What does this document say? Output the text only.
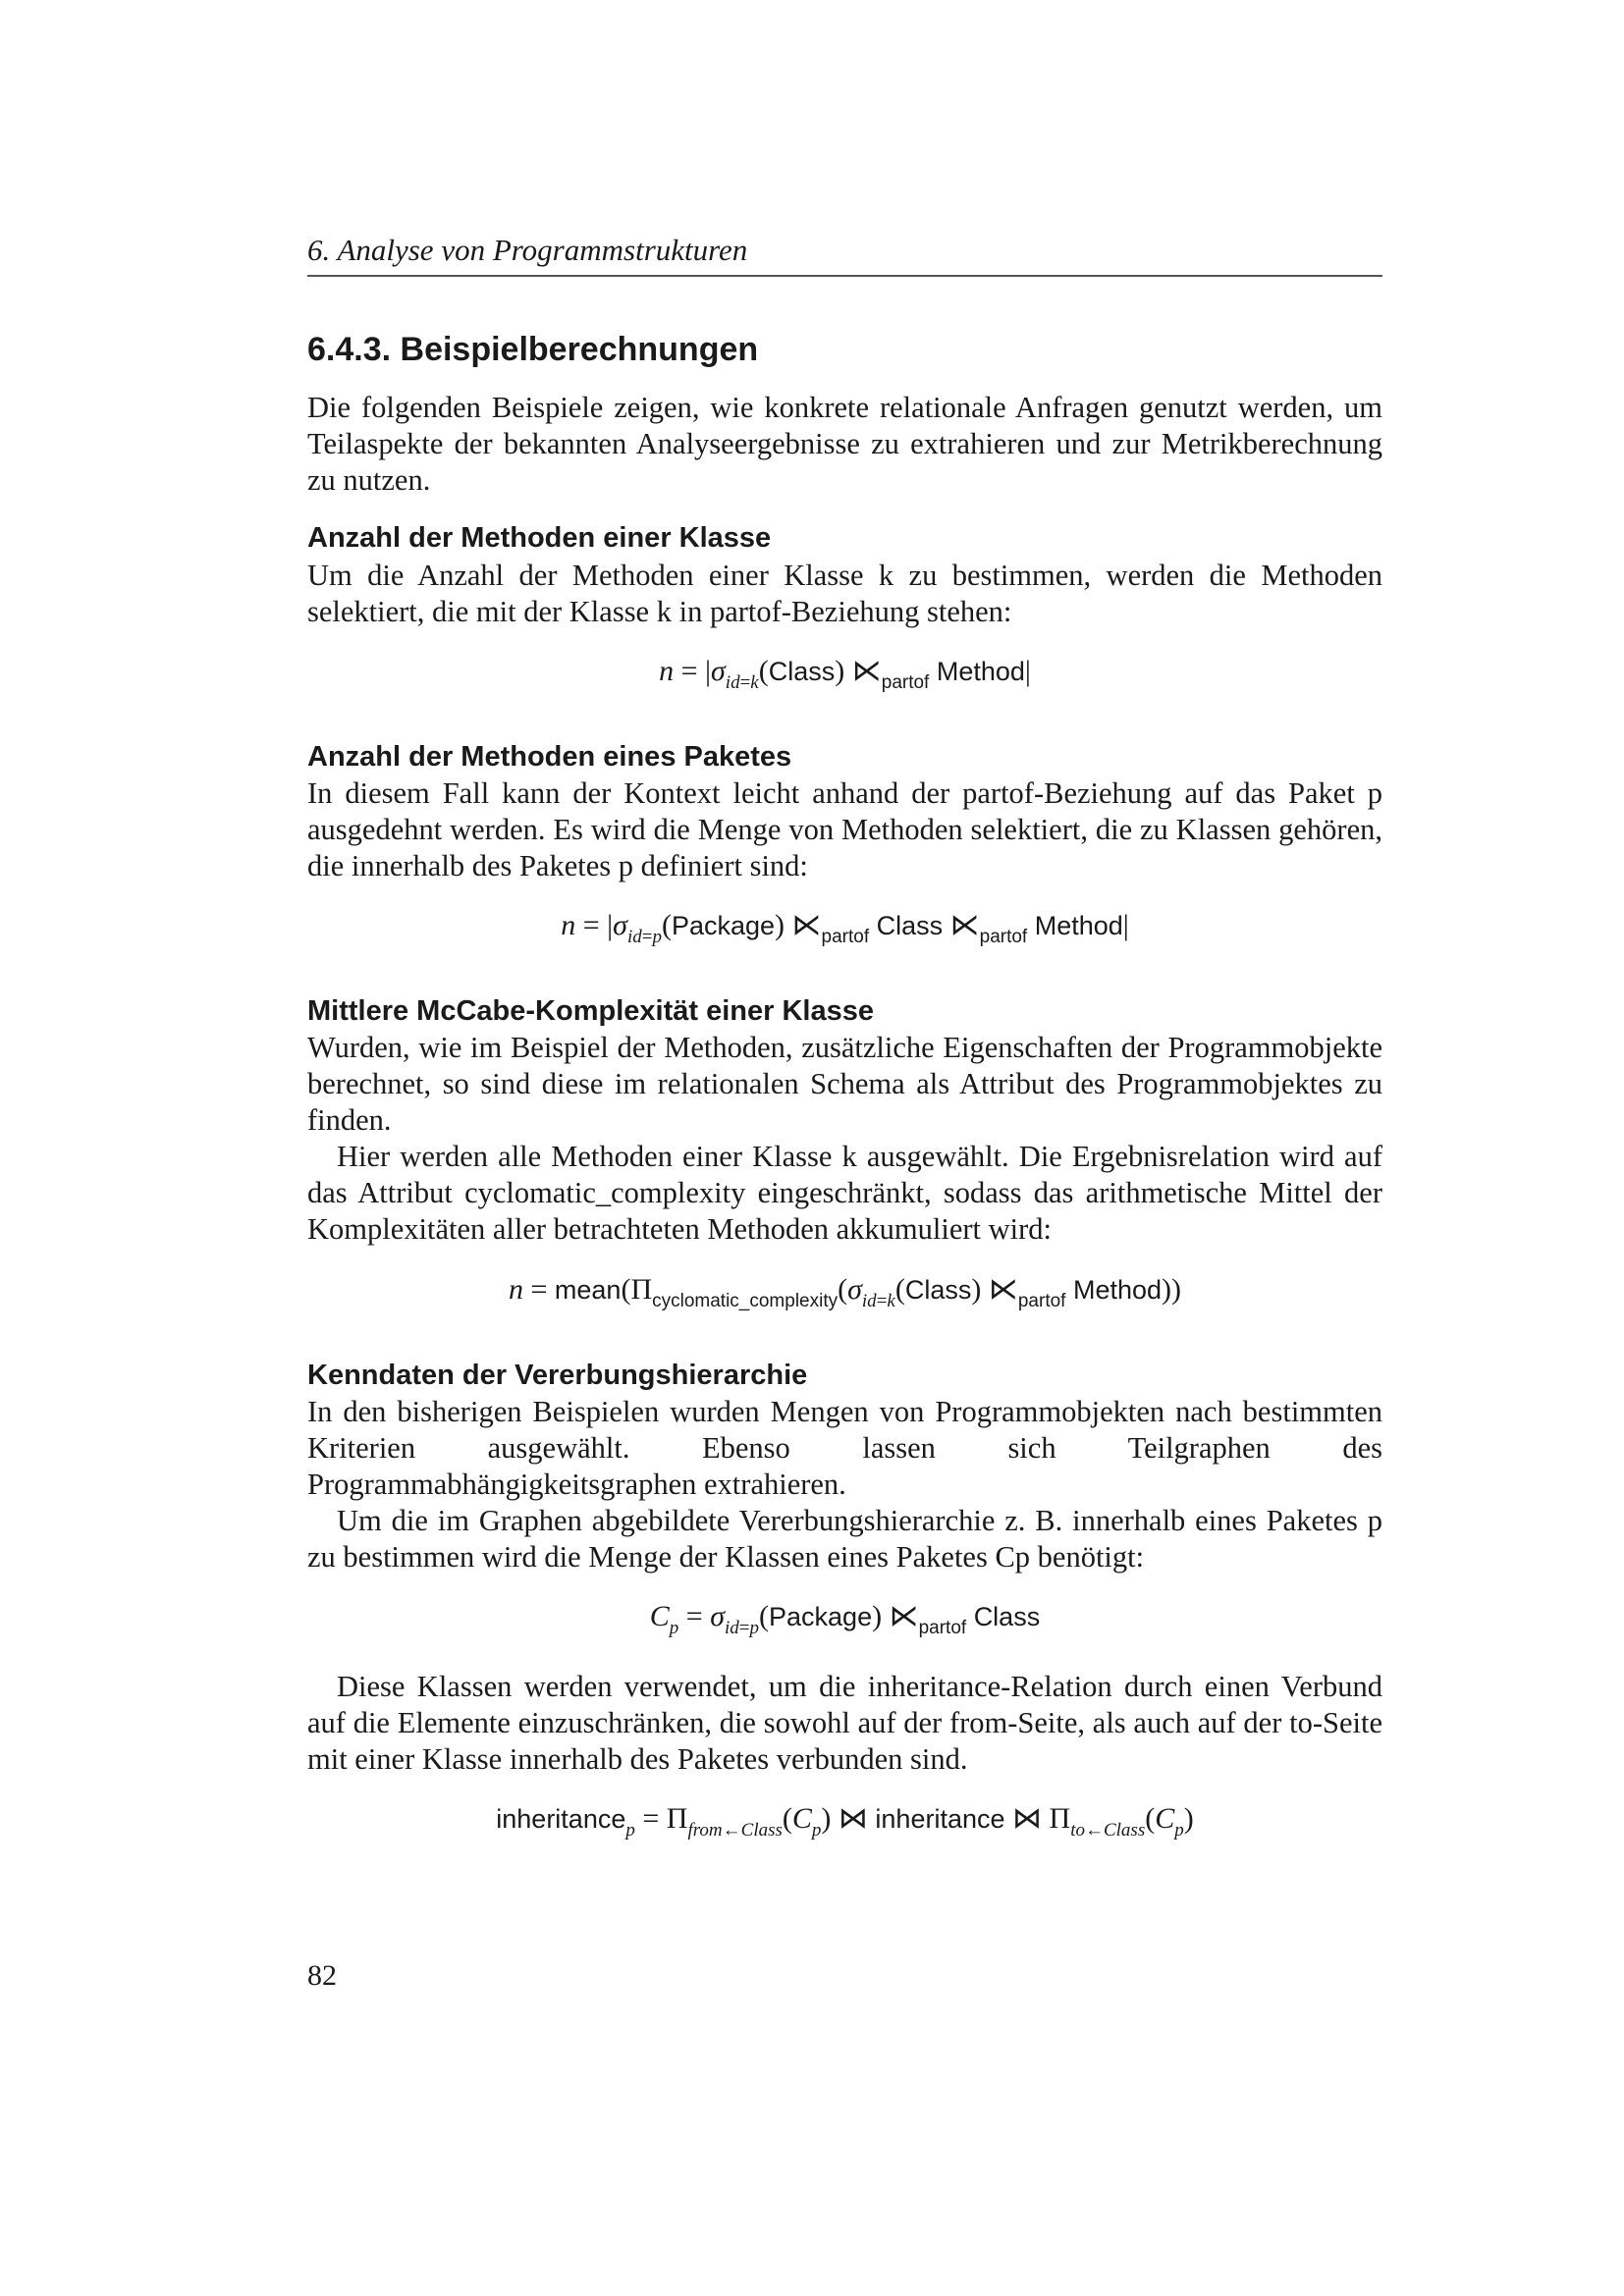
6. Analyse von Programmstrukturen
6.4.3. Beispielberechnungen

Die folgenden Beispiele zeigen, wie konkrete relationale Anfragen genutzt werden, um Teilaspekte der bekannten Analyseergebnisse zu extrahieren und zur Metrikberechnung zu nutzen.

Anzahl der Methoden einer Klasse

Um die Anzahl der Methoden einer Klasse k zu bestimmen, werden die Methoden selektiert, die mit der Klasse k in partof-Beziehung stehen:

$n = |\sigma_{id=k}(Class)$ $⋉_{partof}$ Method|
Anzahl der Methoden eines Paketes

In diesem Fall kann der Kontext leicht anhand der partof-Beziehung auf das Paket p ausgedehnt werden. Es wird die Menge von Methoden selektiert, die zu Klassen gehören, die innerhalb des Paketes p definiert sind:

$n = |\sigma_{id=p}(Package)$ $⋉_{partof}$ Class $⋉_{partof}$ Method|
Mittlere McCabe-Komplexität einer Klasse

Wurden, wie im Beispiel der Methoden, zusätzliche Eigenschaften der Programmobjekte berechnet, so sind diese im relationalen Schema als Attribut des Programmobjektes zu finden.

Hier werden alle Methoden einer Klasse k ausgewählt. Die Ergebnisrelation wird auf das Attribut cyclomatic_complexity eingeschränkt, sodass das arithmetische Mittel der Komplexitäten aller betrachteten Methoden akkumuliert wird:

$n = mean(\Pi_{cyclomatic\_complexity}(\sigma_{id=k}(Class)$ $⋉_{partof}$ Method))
Kenndaten der Vererbungshierarchie

In den bisherigen Beispielen wurden Mengen von Programmobjekten nach bestimmten Kriterien ausgewählt. Ebenso lassen sich Teilgraphen des Programmabhängigkeitsgraphen extrahieren.

Um die im Graphen abgebildete Vererbungshierarchie z. B. innerhalb eines Paketes p zu bestimmen wird die Menge der Klassen eines Paketes Cp benötigt:

$C_p$ = $\sigma_{id=p}(Package)$ $⋉_{partof}$ Class

Diese Klassen werden verwendet, um die inheritance-Relation durch einen Verbund auf die Elemente einzuschränken, die sowohl auf der from-Seite, als auch auf der to-Seite mit einer Klasse innerhalb des Paketes verbunden sind.

inheritance$_p$ = $\Pi_{from\leftarrow Class}(C_p)$ ⋈ inheritance ⋈ $\Pi_{to\leftarrow Class}(C_p)$
82
